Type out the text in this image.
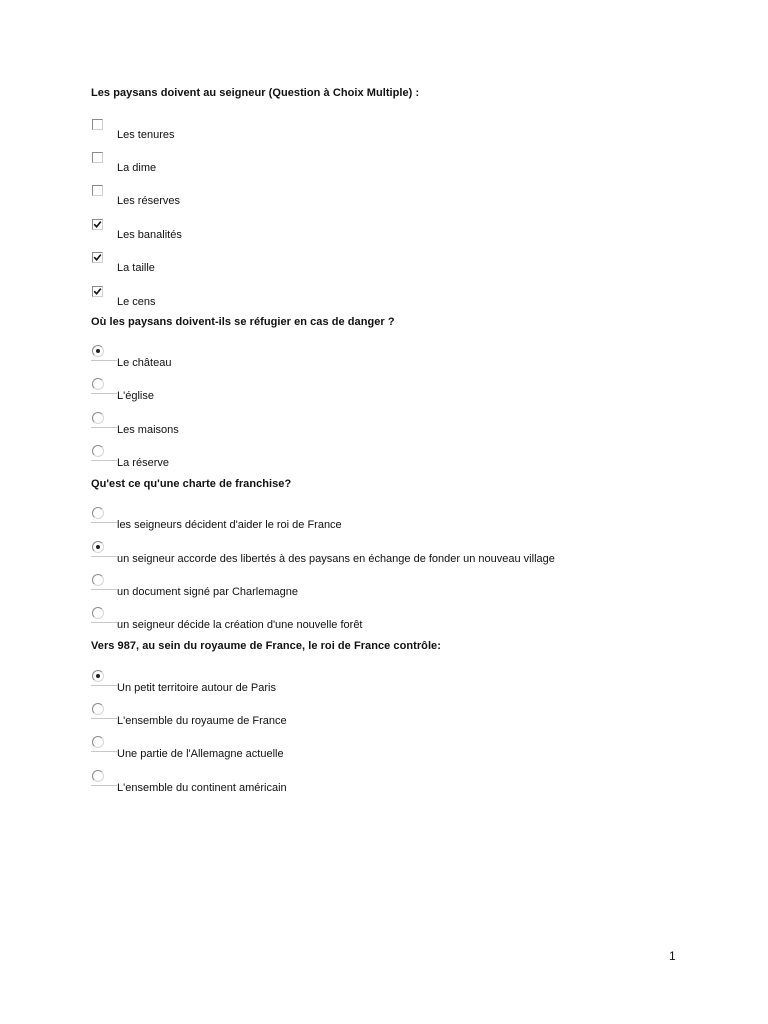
Les paysans doivent au seigneur (Question à Choix Multiple) :
Les tenures
La dime
Les réserves
Les banalités
La taille
Le cens
Où les paysans doivent-ils se réfugier en cas de danger ?
Le château
L'église
Les maisons
La réserve
Qu'est ce qu'une charte de franchise?
les seigneurs décident d'aider le roi de France
un seigneur accorde des libertés à des paysans en échange de fonder un nouveau village
un document signé par Charlemagne
un seigneur décide la création d'une nouvelle forêt
Vers 987, au sein du royaume de France, le roi de France contrôle:
Un petit territoire autour de Paris
L'ensemble du royaume de France
Une partie de l'Allemagne actuelle
L'ensemble du continent américain
1
